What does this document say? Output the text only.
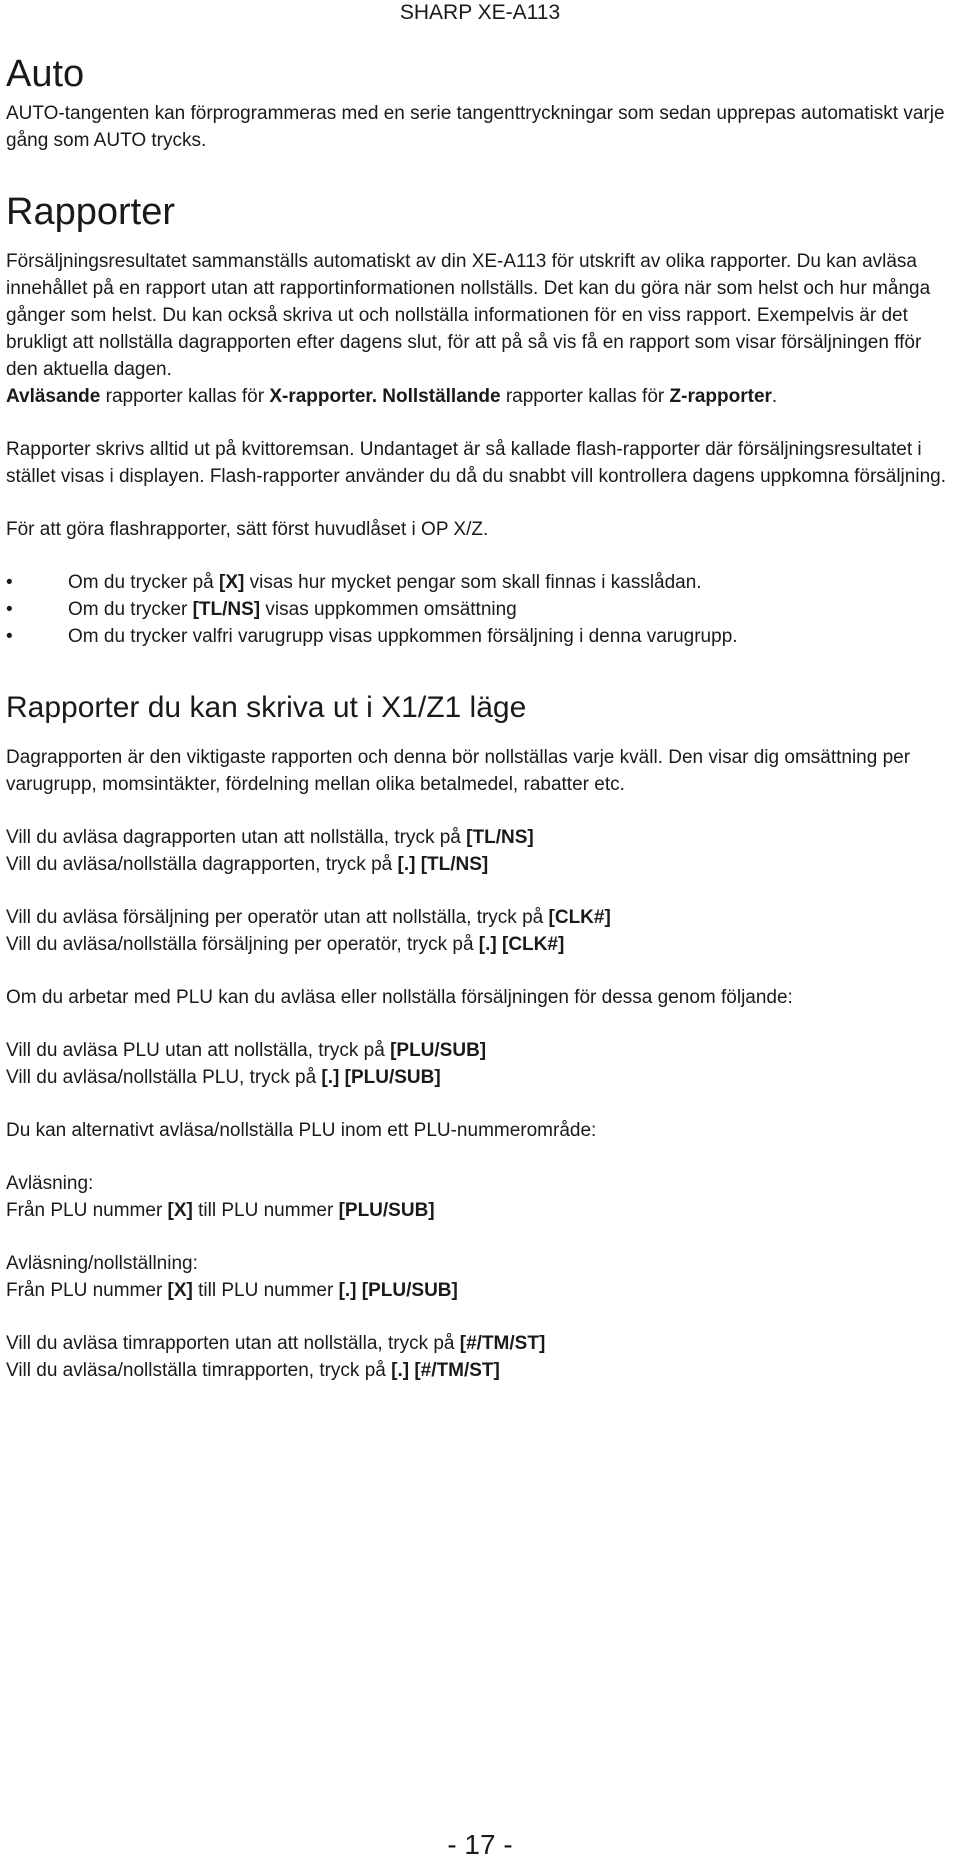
SHARP XE-A113
Auto

AUTO-tangenten kan förprogrammeras med en serie tangenttryckningar som sedan upprepas automatiskt varje gång som AUTO trycks.

Rapporter

Försäljningsresultatet sammanställs automatiskt av din XE-A113 för utskrift av olika rapporter. Du kan avläsa innehållet på en rapport utan att rapportinformationen nollställs. Det kan du göra när som helst och hur många gånger som helst. Du kan också skriva ut och nollställa informationen för en viss rapport. Exempelvis är det brukligt att nollställa dagrapporten efter dagens slut, för att på så vis få en rapport som visar försäljningen fför den aktuella dagen.
Avläsande rapporter kallas för X-rapporter. Nollställande rapporter kallas för Z-rapporter.

Rapporter skrivs alltid ut på kvittoremsan. Undantaget är så kallade flash-rapporter där försäljningsresultatet i stället visas i displayen. Flash-rapporter använder du då du snabbt vill kontrollera dagens uppkomna försäljning.

För att göra flashrapporter, sätt först huvudlåset i OP X/Z.

•	Om du trycker på [X] visas hur mycket pengar som skall finnas i kasslådan.
•	Om du trycker [TL/NS] visas uppkommen omsättning
•	Om du trycker valfri varugrupp visas uppkommen försäljning i denna varugrupp.
Rapporter du kan skriva ut i X1/Z1 läge

Dagrapporten är den viktigaste rapporten och denna bör nollställas varje kväll. Den visar dig omsättning per varugrupp, momsintäkter, fördelning mellan olika betalmedel, rabatter etc.

Vill du avläsa dagrapporten utan att nollställa, tryck på [TL/NS]

Vill du avläsa/nollställa dagrapporten, tryck på [.] [TL/NS]

Vill du avläsa försäljning per operatör utan att nollställa, tryck på [CLK#]

Vill du avläsa/nollställa försäljning per operatör, tryck på [.] [CLK#]

Om du arbetar med PLU kan du avläsa eller nollställa försäljningen för dessa genom följande:

Vill du avläsa PLU utan att nollställa, tryck på [PLU/SUB]

Vill du avläsa/nollställa PLU, tryck på [.] [PLU/SUB]

Du kan alternativt avläsa/nollställa PLU inom ett PLU-nummerområde:

Avläsning:

Från PLU nummer [X] till PLU nummer [PLU/SUB]

Avläsning/nollställning:

Från PLU nummer [X] till PLU nummer [.] [PLU/SUB]

Vill du avläsa timrapporten utan att nollställa, tryck på [#/TM/ST]

Vill du avläsa/nollställa timrapporten, tryck på [.] [#/TM/ST]

- 17 -
